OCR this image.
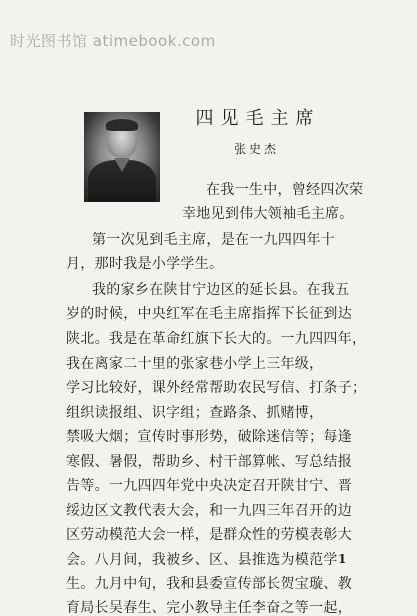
时光图书馆 atimebook.com
四见毛主席
张史杰
在我一生中，曾经四次荣
幸地见到伟大领袖毛主席。
第一次见到毛主席，是在一九四四年十
月，那时我是小学学生。
我的家乡在陕甘宁边区的延长县。在我五
岁的时候，中央红军在毛主席指挥下长征到达
陕北。我是在革命红旗下长大的。一九四四年，
我在离家二十里的张家巷小学上三年级，
学习比较好，课外经常帮助农民写信、打条子；
组织读报组、识字组；查路条、抓赌博，
禁吸大烟；宣传时事形势，破除迷信等；每逢
寒假、暑假，帮助乡、村干部算帐、写总结报
告等。一九四四年党中央决定召开陕甘宁、晋
绥边区文教代表大会，和一九四三年召开的边
区劳动模范大会一样，是群众性的劳模表彰大
会。八月间，我被乡、区、县推选为模范学
生。九月中旬，我和县委宣传部长贺宝璇、教
育局长吴春生、完小教导主任李奋之等一起，
1
